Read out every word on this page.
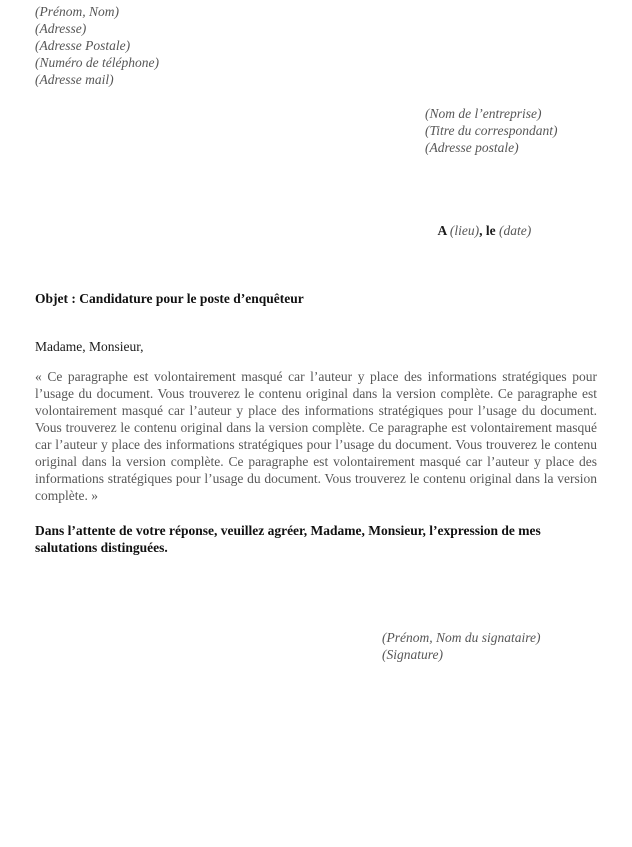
(Prénom, Nom)
(Adresse)
(Adresse Postale)
(Numéro de téléphone)
(Adresse mail)
(Nom de l’entreprise)
(Titre du correspondant)
(Adresse postale)

A (lieu), le (date)

Objet : Candidature pour le poste d’enquêteur
Madame, Monsieur,
« Ce paragraphe est volontairement masqué car l’auteur y place des informations stratégiques pour l’usage du document. Vous trouverez le contenu original dans la version complète. Ce paragraphe est volontairement masqué car l’auteur y place des informations stratégiques pour l’usage du document. Vous trouverez le contenu original dans la version complète. Ce paragraphe est volontairement masqué car l’auteur y place des informations stratégiques pour l’usage du document. Vous trouverez le contenu original dans la version complète. Ce paragraphe est volontairement masqué car l’auteur y place des informations stratégiques pour l’usage du document. Vous trouverez le contenu original dans la version complète. »
Dans l’attente de votre réponse, veuillez agréer, Madame, Monsieur, l’expression de mes salutations distinguées.
(Prénom, Nom du signataire)
(Signature)
